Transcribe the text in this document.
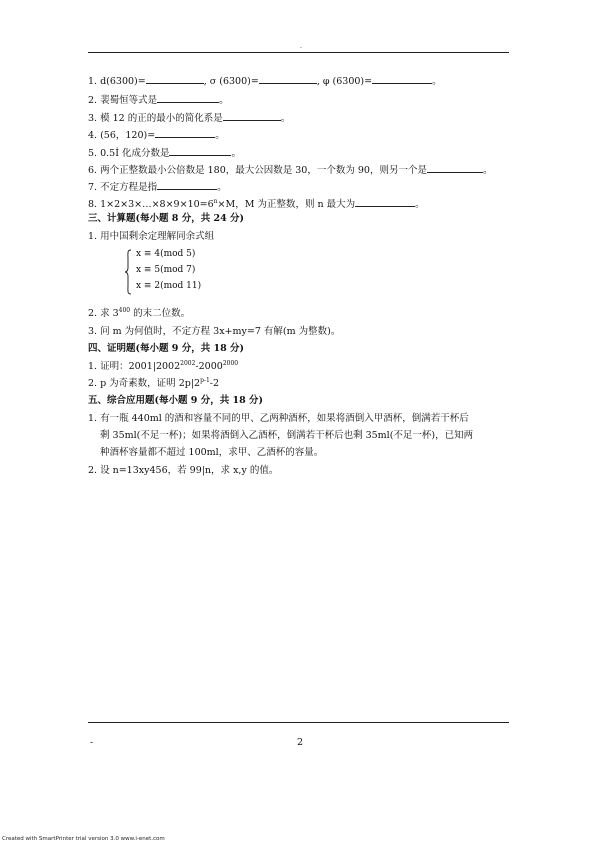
.
1. d(6300)=	, σ (6300)=	, φ (6300)=	。
2. 裴蜀恒等式是	。
3. 模 12 的正的最小的简化系是	。
4. (56，120)=	。
5. 0.5İ 化成分数是	。
6. 两个正整数最小公倍数是 180，最大公因数是 30，一个数为 90，则另一个是	。
7. 不定方程是指	。
8. $1\times 2\times 3\times\dots\times 8\times 9\times 10=6^n\times M$，M 为正整数，则 n 最大为	。
三、计算题(每小题 8 分，共 24 分)
1. 用中国剩余定理解同余式组
x ≡ 4(mod 5)
x ≡ 5(mod 7)
x ≡ 2(mod 11)
2. 求 $3^{400}$ 的末二位数。
3. 问 m 为何值时，不定方程 3x+my=7 有解(m 为整数)。
四、证明题(每小题 9 分，共 18 分)
1. 证明：$2001|2002^{2002}-2000^{2000}$
2. p 为奇素数，证明 2p|2$^{p-1}$-2
五、综合应用题(每小题 9 分，共 18 分)
1. 有一瓶 440ml 的酒和容量不同的甲、乙两种酒杯，如果将酒倒入甲酒杯，倒满若干杯后
剩 35ml(不足一杯)；如果将酒倒入乙酒杯，倒满若干杯后也剩 35ml(不足一杯)，已知两
种酒杯容量都不超过 100ml，求甲、乙酒杯的容量。
2. 设 n=13xy456，若 99|n，求 x,y 的值。
-	2
Created with SmartPrinter trial version 3.0 www.i-enet.com
